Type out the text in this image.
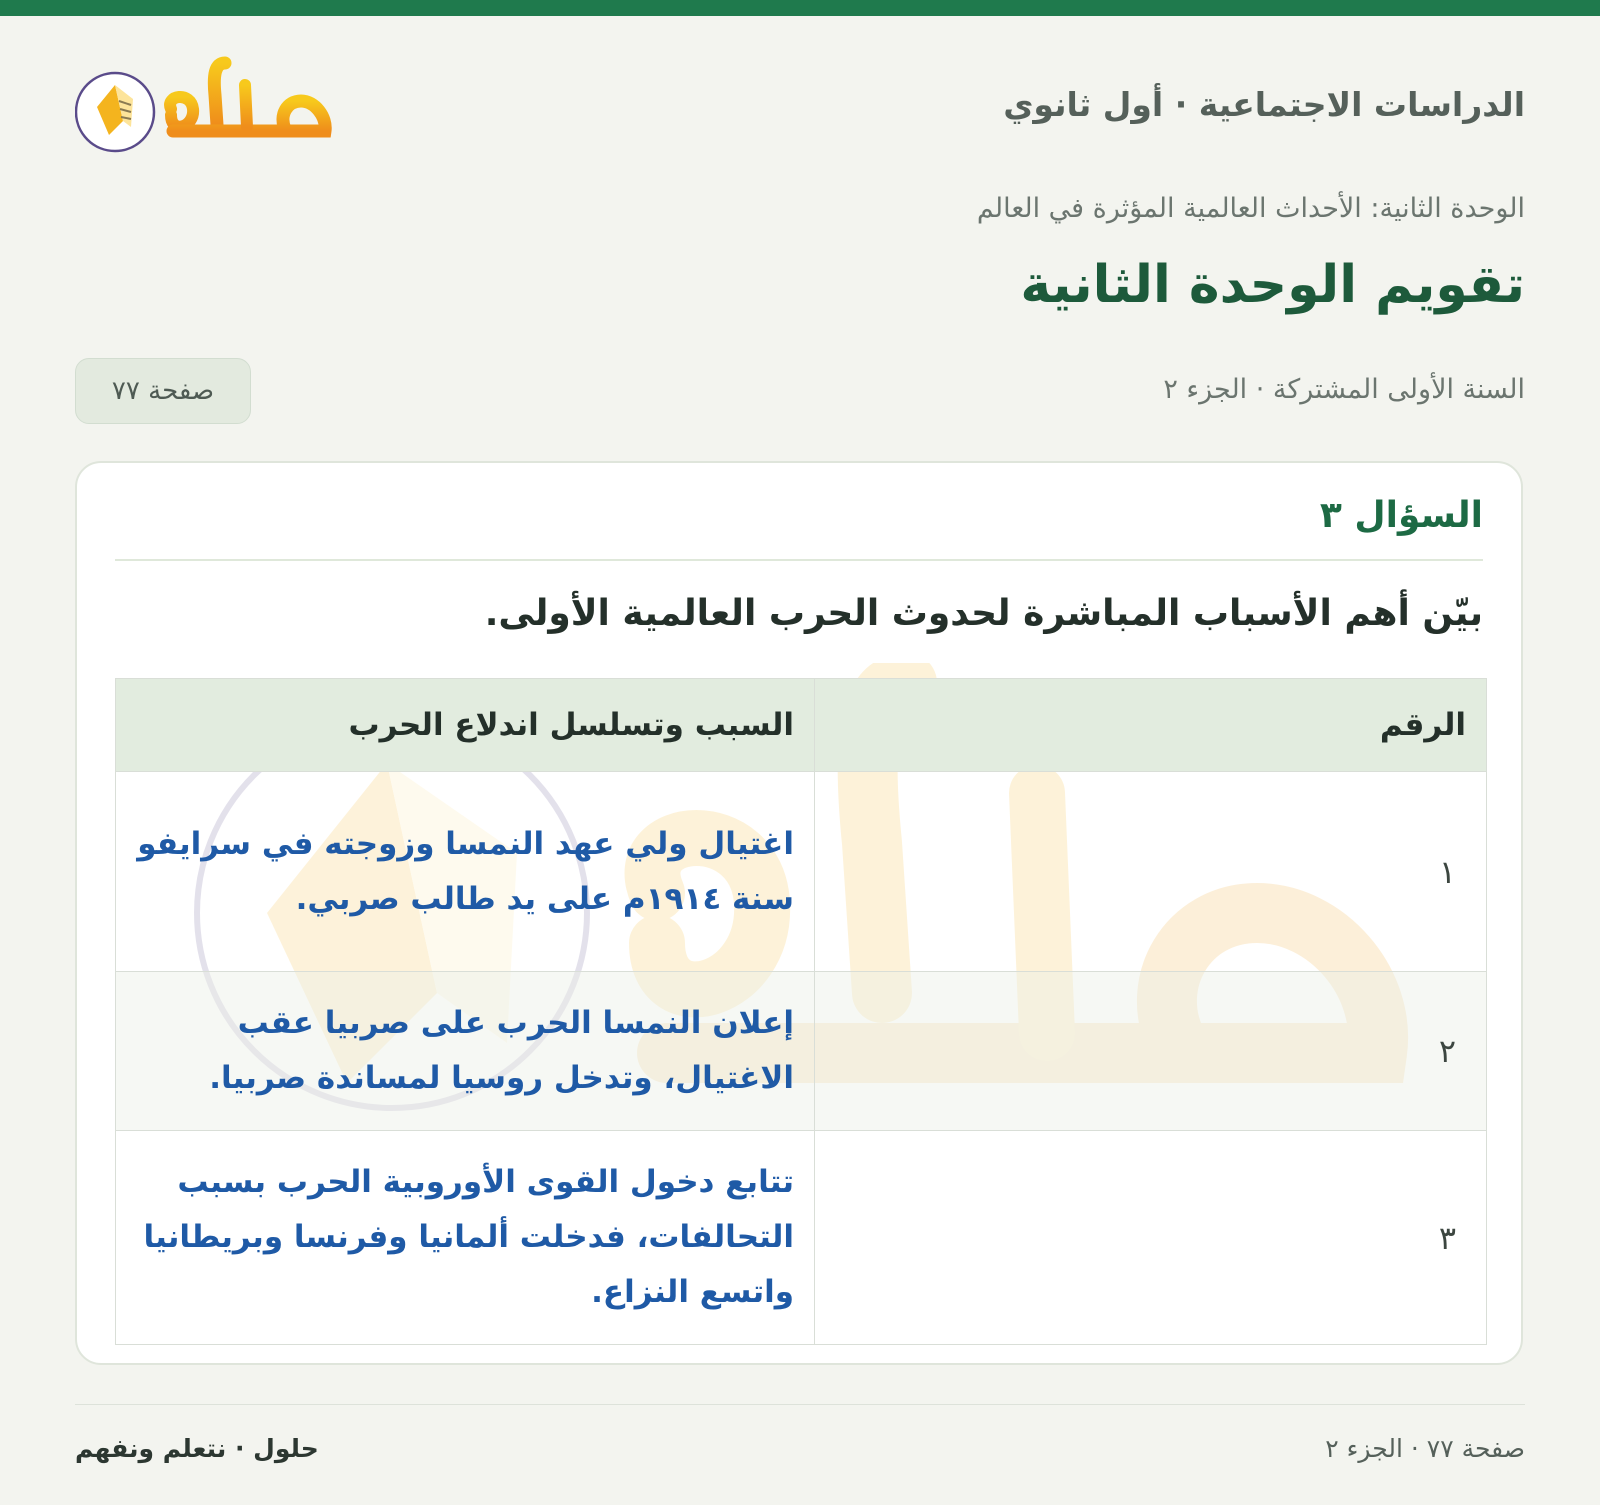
الدراسات الاجتماعية · أول ثانوي
الوحدة الثانية: الأحداث العالمية المؤثرة في العالم
تقويم الوحدة الثانية
السنة الأولى المشتركة · الجزء ٢
صفحة ٧٧
السؤال ٣
بيّن أهم الأسباب المباشرة لحدوث الحرب العالمية الأولى.
الرقم	السبب وتسلسل اندلاع الحرب
١	اغتيال ولي عهد النمسا وزوجته في سرايفو سنة ١٩١٤م على يد طالب صربي.
٢	إعلان النمسا الحرب على صربيا عقب الاغتيال، وتدخل روسيا لمساندة صربيا.
٣	تتابع دخول القوى الأوروبية الحرب بسبب التحالفات، فدخلت ألمانيا وفرنسا وبريطانيا واتسع النزاع.
صفحة ٧٧ · الجزء ٢
حلول · نتعلم ونفهم
